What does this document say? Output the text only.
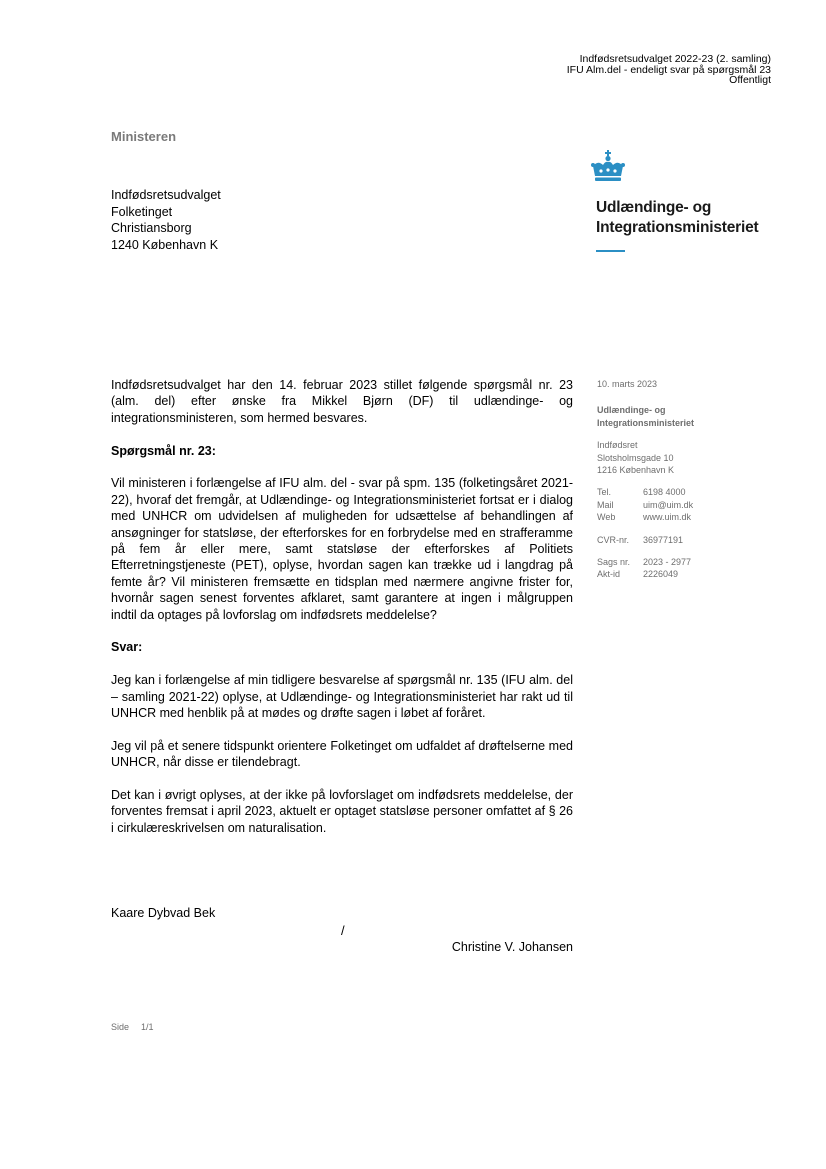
Indfødsretsudvalget 2022-23 (2. samling)
IFU Alm.del - endeligt svar på spørgsmål 23
Offentligt
Ministeren
Indfødsretsudvalget
Folketinget
Christiansborg
1240 København K
Udlændinge- og
Integrationsministeriet

Indfødsretsudvalget har den 14. februar 2023 stillet følgende spørgsmål nr. 23 (alm. del) efter ønske fra Mikkel Bjørn (DF) til udlændinge- og integrationsministeren, som hermed besvares.

Spørgsmål nr. 23:

Vil ministeren i forlængelse af IFU alm. del - svar på spm. 135 (folketingsåret 2021-22), hvoraf det fremgår, at Udlændinge- og Integrationsministeriet fortsat er i dialog med UNHCR om udvidelsen af muligheden for udsættelse af behandlingen af ansøgninger for statsløse, der efterforskes for en forbrydelse med en strafferamme på fem år eller mere, samt statsløse der efterforskes af Politiets Efterretningstjeneste (PET), oplyse, hvordan sagen kan trække ud i langdrag på femte år? Vil ministeren fremsætte en tidsplan med nærmere angivne frister for, hvornår sagen senest forventes afklaret, samt garantere at ingen i målgruppen indtil da optages på lovforslag om indfødsrets meddelelse?

Svar:

Jeg kan i forlængelse af min tidligere besvarelse af spørgsmål nr. 135 (IFU alm. del – samling 2021-22) oplyse, at Udlændinge- og Integrationsministeriet har rakt ud til UNHCR med henblik på at mødes og drøfte sagen i løbet af foråret.

Jeg vil på et senere tidspunkt orientere Folketinget om udfaldet af drøftelserne med UNHCR, når disse er tilendebragt.

Det kan i øvrigt oplyses, at der ikke på lovforslaget om indfødsrets meddelelse, der forventes fremsat i april 2023, aktuelt er optaget statsløse personer omfattet af § 26 i cirkulæreskrivelsen om naturalisation.

10. marts 2023
Udlændinge- og
Integrationsministeriet
Indfødsret
Slotsholmsgade 10
1216 København K
Tel.	6198 4000
Mail	uim@uim.dk
Web	www.uim.dk
CVR-nr.	36977191
Sags nr.	2023 - 2977
Akt-id	2226049
Kaare Dybvad Bek
/
Christine V. Johansen
Side 1/1
